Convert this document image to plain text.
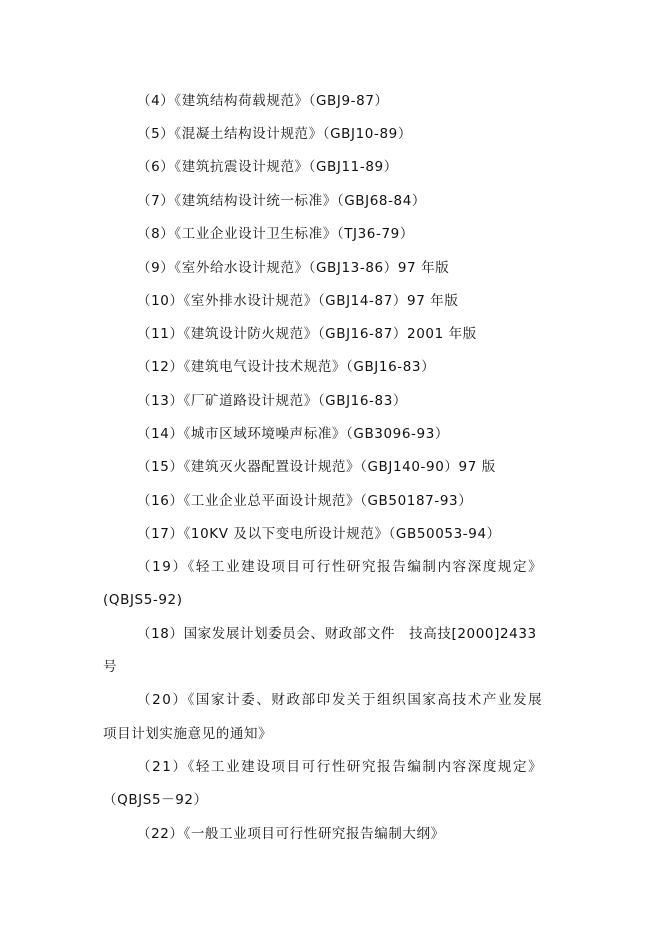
（4）《建筑结构荷载规范》（GBJ9-87）
（5）《混凝土结构设计规范》（GBJ10-89）
（6）《建筑抗震设计规范》（GBJ11-89）
（7）《建筑结构设计统一标准》（GBJ68-84）
（8）《工业企业设计卫生标准》（TJ36-79）
（9）《室外给水设计规范》（GBJ13-86）97 年版
（10）《室外排水设计规范》（GBJ14-87）97 年版
（11）《建筑设计防火规范》（GBJ16-87）2001 年版
（12）《建筑电气设计技术规范》（GBJ16-83）
（13）《厂矿道路设计规范》（GBJ16-83）
（14）《城市区域环境噪声标准》（GB3096-93）
（15）《建筑灭火器配置设计规范》（GBJ140-90）97 版
（16）《工业企业总平面设计规范》（GB50187-93）
（17）《10KV 及以下变电所设计规范》（GB50053-94）
（19）《轻工业建设项目可行性研究报告编制内容深度规定》
(QBJS5-92)
（18）国家发展计划委员会、财政部文件　技高技[2000]2433
号
（20）《国家计委、财政部印发关于组织国家高技术产业发展
项目计划实施意见的通知》
（21）《轻工业建设项目可行性研究报告编制内容深度规定》
（QBJS5－92）
（22）《一般工业项目可行性研究报告编制大纲》
